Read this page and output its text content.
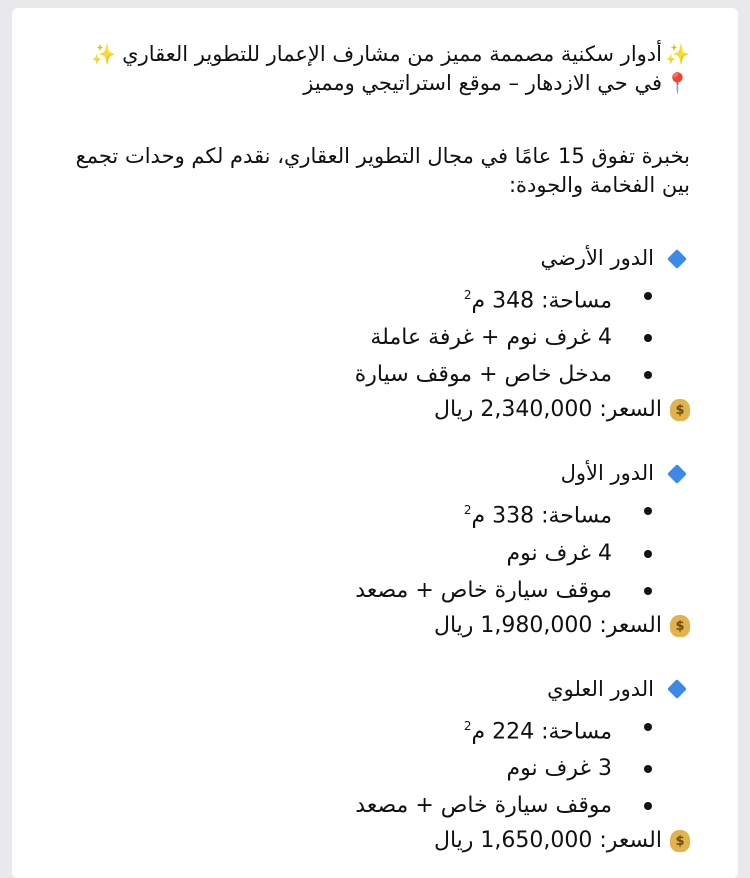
✨أدوار سكنية مصممة مميز من مشارف الإعمار للتطوير العقاري✨
📍في حي الازدهار – موقع استراتيجي ومميز
بخبرة تفوق 15 عامًا في مجال التطوير العقاري، نقدم لكم وحدات تجمع بين الفخامة والجودة:
الدور الأرضي
مساحة: 348 م$^2$
4 غرف نوم + غرفة عاملة
مدخل خاص + موقف سيارة
$
السعر: 2,340,000 ريال
الدور الأول
مساحة: 338 م$^2$
4 غرف نوم
موقف سيارة خاص + مصعد
$
السعر: 1,980,000 ريال
الدور العلوي
مساحة: 224 م$^2$
3 غرف نوم
موقف سيارة خاص + مصعد
$
السعر: 1,650,000 ريال
